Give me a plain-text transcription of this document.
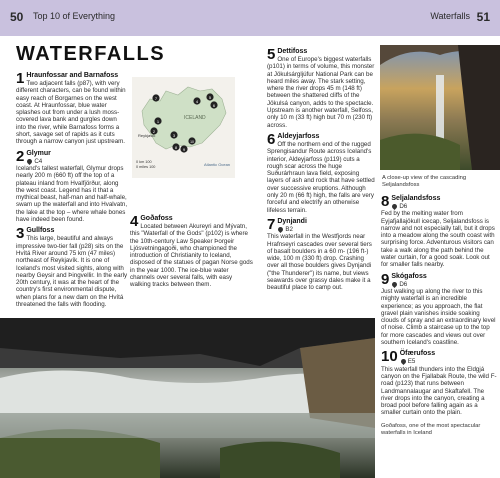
50 Top 10 of Everything	Waterfalls 51
WATERFALLS
1 Hraunfossar and Barnafoss
Two adjacent falls (p87), with very different characters, can be found within easy reach of Borgarnes on the west coast. At Hraunfossar, blue water splashes out from under a lush moss-covered lava bank and gurgles down into the river, while Barnafoss forms a short, savage set of rapids as it cuts through a narrow canyon just upstream.
2 Glymur
C4
Iceland's tallest waterfall, Glymur drops nearly 200 m (660 ft) off the top of a plateau inland from Hvalfjörður, along the west coast. Legend has it that a mythical beast, half-man and half-whale, swam up the waterfall and into Hvalvatn, the lake at the top – where whale bones have indeed been found.
3 Gullfoss
This large, beautiful and always impressive two-tier fall (p28) sits on the Hvítá River around 75 km (47 miles) northeast of Reykjavík. It is one of Iceland's most visited sights, along with nearby Geysir and Þingvellir. In the early 20th century, it was at the heart of the country's first environmental dispute, when plans for a new dam on the Hvítá threatened the falls with flooding.
7	5
4
6
1
2
3
8 9
10
ICELAND
Reykjavík
0 km 100
0 miles 100	Atlantic Ocean
4 Goðafoss
Located between Akureyri and Mývatn, this "Waterfall of the Gods" (p102) is where the 10th-century Law Speaker Þorgeir Ljósvetningagoði, who championed the introduction of Christianity to Iceland, disposed of the statues of pagan Norse gods in the year 1000. The ice-blue water channels over several falls, with easy walking tracks between them.
5 Dettifoss
One of Europe's biggest waterfalls (p101) in terms of volume, this monster at Jökulsárgljúfur National Park can be heard miles away. The stark setting, where the river drops 45 m (148 ft) between the shattered cliffs of the Jökulsá canyon, adds to the spectacle. Upstream is another waterfall, Selfoss, only 10 m (33 ft) high but 70 m (230 ft) across.
6 Aldeyjarfoss
Off the northern end of the rugged Sprengisandur Route across Iceland's interior, Aldeyjarfoss (p119) cuts a rough scar across the huge Suðurárhraun lava field, exposing layers of ash and rock that have settled over successive eruptions. Although only 20 m (66 ft) high, the falls are very forceful and electrify an otherwise lifeless terrain.
7 Dynjandi
B2
This waterfall in the Westfjords near Hrafnseyri cascades over several tiers of basalt boulders in a 60 m- (196 ft-) wide, 100 m (330 ft) drop. Crashing over all those boulders gives Dynjandi ("the Thunderer") its name, but views seawards over grassy dales make it a beautiful place to camp out.
A close-up view of the cascading Seljalandsfoss
8 Seljalandsfoss
D6
Fed by the melting water from Eyjafjallajökull icecap, Seljalandsfoss is narrow and not especially tall, but it drops into a meadow along the south coast with surprising force. Adventurous visitors can take a walk along the path behind the water curtain, for a good soak. Look out for smaller falls nearby.
9 Skógafoss
D6
Just walking up along the river to this mighty waterfall is an incredible experience; as you approach, the flat gravel plain vanishes inside soaking clouds of spray and an extraordinary level of noise. Climb a staircase up to the top for more cascades and views out over southern Iceland's coastline.
10 Öfærufoss
E5
This waterfall thunders into the Eldgjá canyon on the Fjallabak Route, the wild F-road (p123) that runs between Landmannalaugar and Skaftafell. The river drops into the canyon, creating a broad pool before falling again as a smaller curtain onto the plain.
Goðafoss, one of the most spectacular waterfalls in Iceland
